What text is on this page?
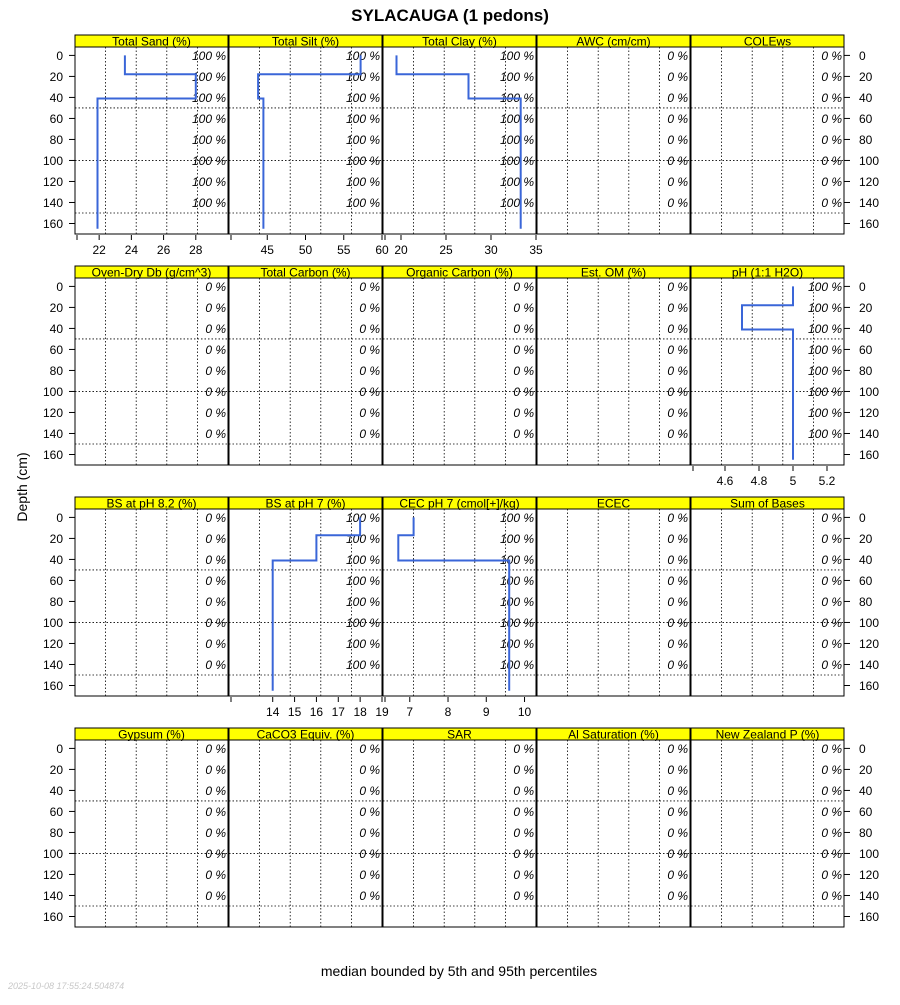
SYLACAUGA (1 pedons)
Depth (cm)
median bounded by 5th and 95th percentiles
2025-10-08 17:55:24.504874
Total Sand (%)
100 %
100 %
100 %
100 %
100 %
100 %
100 %
100 %
22 24 26 28
0
20
40
60
80
100
120
140
160
Total Silt (%)
100 %
100 %
100 %
100 %
100 %
100 %
100 %
100 %
45 50 55 60
Total Clay (%)
100 %
100 %
100 %
100 %
100 %
100 %
100 %
100 %
20	25	30	35
AWC (cm/cm)
0 %
0 %
0 %
0 %
0 %
0 %
0 %
0 %
COLEws
0 %
0 %
0 %
0 %
0 %
0 %
0 %
0 %
0
20
40
60
80
100
120
140
160
Oven-Dry Db (g/cm^3)
0 %
0 %
0 %
0 %
0 %
0 %
0 %
0 %
0
20
40
60
80
100
120
140
160
Total Carbon (%)
0 %
0 %
0 %
0 %
0 %
0 %
0 %
0 %
Organic Carbon (%)
0 %
0 %
0 %
0 %
0 %
0 %
0 %
0 %
Est. OM (%)
0 %
0 %
0 %
0 %
0 %
0 %
0 %
0 %
pH (1:1 H2O)
100 %
100 %
100 %
100 %
100 %
100 %
100 %
100 %
4.6 4.8 5 5.2
0
20
40
60
80
100
120
140
160
BS at pH 8.2 (%)
0 %
0 %
0 %
0 %
0 %
0 %
0 %
0 %
0
20
40
60
80
100
120
140
160
BS at pH 7 (%)
100 %
100 %
100 %
100 %
100 %
100 %
100 %
100 %
14 15 16 17 18 19
CEC pH 7 (cmol[+]/kg)
100 %
100 %
100 %
100 %
100 %
100 %
100 %
100 %
7	8	9 10
ECEC
0 %
0 %
0 %
0 %
0 %
0 %
0 %
0 %
Sum of Bases
0 %
0 %
0 %
0 %
0 %
0 %
0 %
0 %
0
20
40
60
80
100
120
140
160
Gypsum (%)
0 %
0 %
0 %
0 %
0 %
0 %
0 %
0 %
0
20
40
60
80
100
120
140
160
CaCO3 Equiv. (%)
0 %
0 %
0 %
0 %
0 %
0 %
0 %
0 %
SAR
0 %
0 %
0 %
0 %
0 %
0 %
0 %
0 %
Al Saturation (%)
0 %
0 %
0 %
0 %
0 %
0 %
0 %
0 %
New Zealand P (%)
0 %
0 %
0 %
0 %
0 %
0 %
0 %
0 %
0
20
40
60
80
100
120
140
160
